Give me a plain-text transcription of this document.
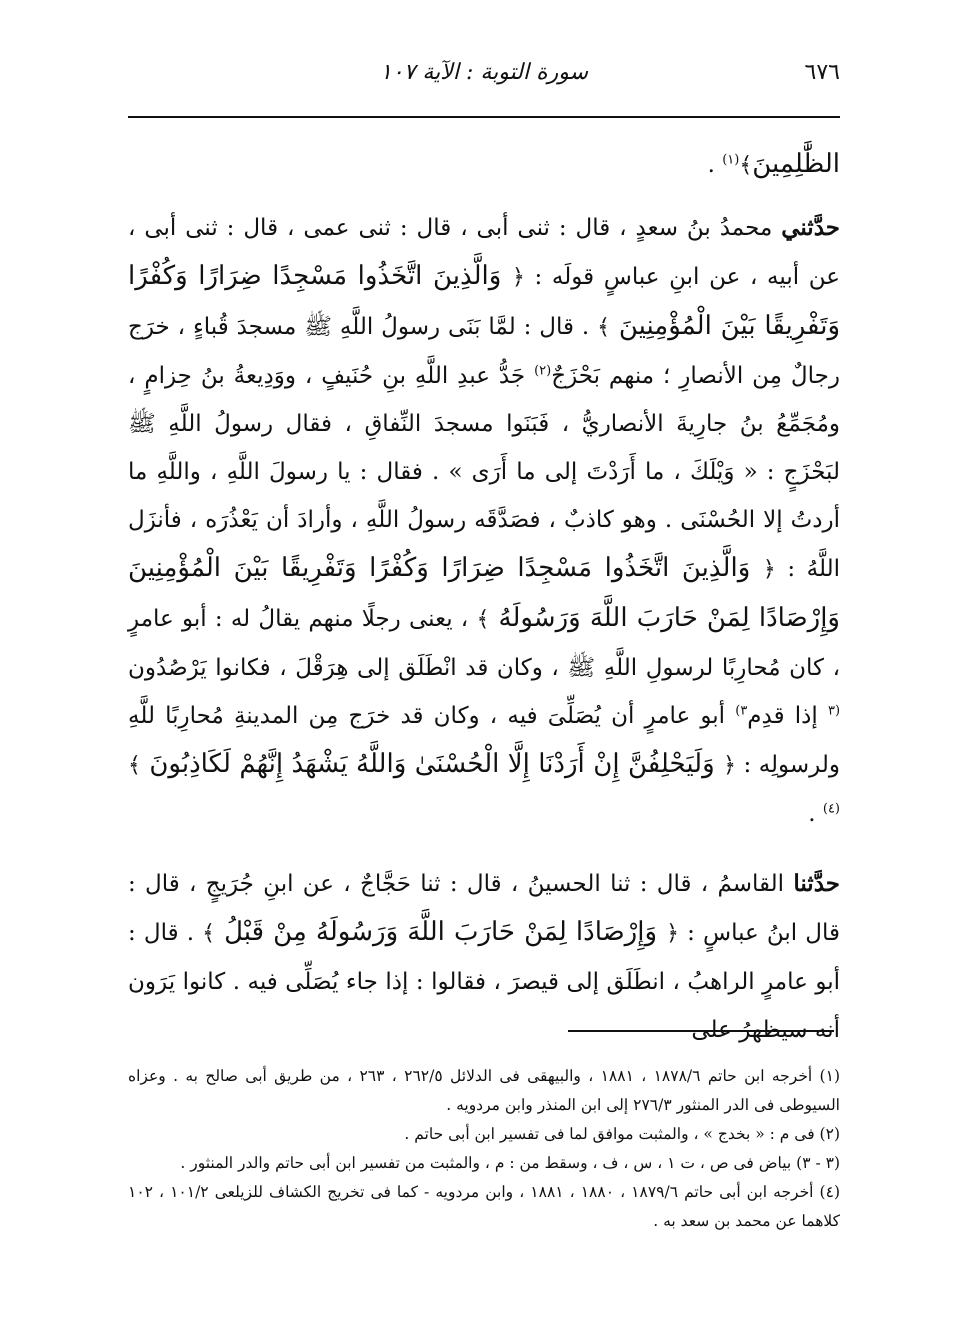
٦٧٦
سورة التوبة : الآية ١٠٧

الظَّٰلِمِينَ﴾$^{(١)}$ .

حدَّثني محمدُ بنُ سعدٍ ، قال : ثنى أبى ، قال : ثنى عمى ، قال : ثنى أبى ، عن أبيه ، عن ابنِ عباسٍ قولَه : ﴿ وَالَّذِينَ اتَّخَذُوا مَسْجِدًا ضِرَارًا وَكُفْرًا وَتَفْرِيقًا بَيْنَ الْمُؤْمِنِينَ ﴾ . قال : لمَّا بَنَى رسولُ اللَّهِ ﷺ مسجدَ قُباءٍ ، خرَج رجالٌ مِن الأنصارِ ؛ منهم بَحْزَجٌ$^{(٢)}$ جَدُّ عبدِ اللَّهِ بنِ حُنَيفٍ ، ووَدِيعةُ بنُ حِزامٍ ، ومُجَمِّعُ بنُ جارِيةَ الأنصاريُّ ، فَبَنَوا مسجدَ النِّفاقِ ، فقال رسولُ اللَّهِ ﷺ لبَحْزَجٍ : « وَيْلَكَ ، ما أَرَدْتَ إلى ما أَرَى » . فقال : يا رسولَ اللَّهِ ، واللَّهِ ما أردتُ إلا الحُسْنَى . وهو كاذبٌ ، فصَدَّقَه رسولُ اللَّهِ ، وأرادَ أن يَعْذُرَه ، فأنزَل اللَّهُ : ﴿ وَالَّذِينَ اتَّخَذُوا مَسْجِدًا ضِرَارًا وَكُفْرًا وَتَفْرِيقًا بَيْنَ الْمُؤْمِنِينَ وَإِرْصَادًا لِمَنْ حَارَبَ اللَّهَ وَرَسُولَهُ ﴾ ، يعنى رجلًا منهم يقالُ له : أبو عامرٍ ، كان مُحارِبًا لرسولِ اللَّهِ ﷺ ، وكان قد انْطَلَق إلى هِرَقْلَ ، فكانوا يَرْصُدُون $^{(٣}$ إذا قدِم$^{٣)}$ أبو عامرٍ أن يُصَلِّىَ فيه ، وكان قد خرَج مِن المدينةِ مُحارِبًا للَّهِ ولرسولِه : ﴿ وَلَيَحْلِفُنَّ إِنْ أَرَدْنَا إِلَّا الْحُسْنَىٰ وَاللَّهُ يَشْهَدُ إِنَّهُمْ لَكَاذِبُونَ ﴾$^{(٤)}$ .

حدَّثنا القاسمُ ، قال : ثنا الحسينُ ، قال : ثنا حَجَّاجٌ ، عن ابنِ جُرَيجٍ ، قال : قال ابنُ عباسٍ : ﴿ وَإِرْصَادًا لِمَنْ حَارَبَ اللَّهَ وَرَسُولَهُ مِنْ قَبْلُ ﴾ . قال : أبو عامرٍ الراهبُ ، انطَلَق إلى قيصرَ ، فقالوا : إذا جاء يُصَلِّى فيه . كانوا يَرَون أنه سيظهرُ على

(١) أخرجه ابن حاتم ١٨٧٨/٦ ، ١٨٨١ ، والبيهقى فى الدلائل ٢٦٢/٥ ، ٢٦٣ ، من طريق أبى صالح به . وعزاه السيوطى فى الدر المنثور ٢٧٦/٣ إلى ابن المنذر وابن مردويه .

(٢) فى م : « بخدج » ، والمثبت موافق لما فى تفسير ابن أبى حاتم .

(٣ - ٣) بياض فى ص ، ت ١ ، س ، ف ، وسقط من : م ، والمثبت من تفسير ابن أبى حاتم والدر المنثور .

(٤) أخرجه ابن أبى حاتم ١٨٧٩/٦ ، ١٨٨٠ ، ١٨٨١ ، وابن مردويه - كما فى تخريج الكشاف للزيلعى ١٠١/٢ ، ١٠٢ كلاهما عن محمد بن سعد به .
